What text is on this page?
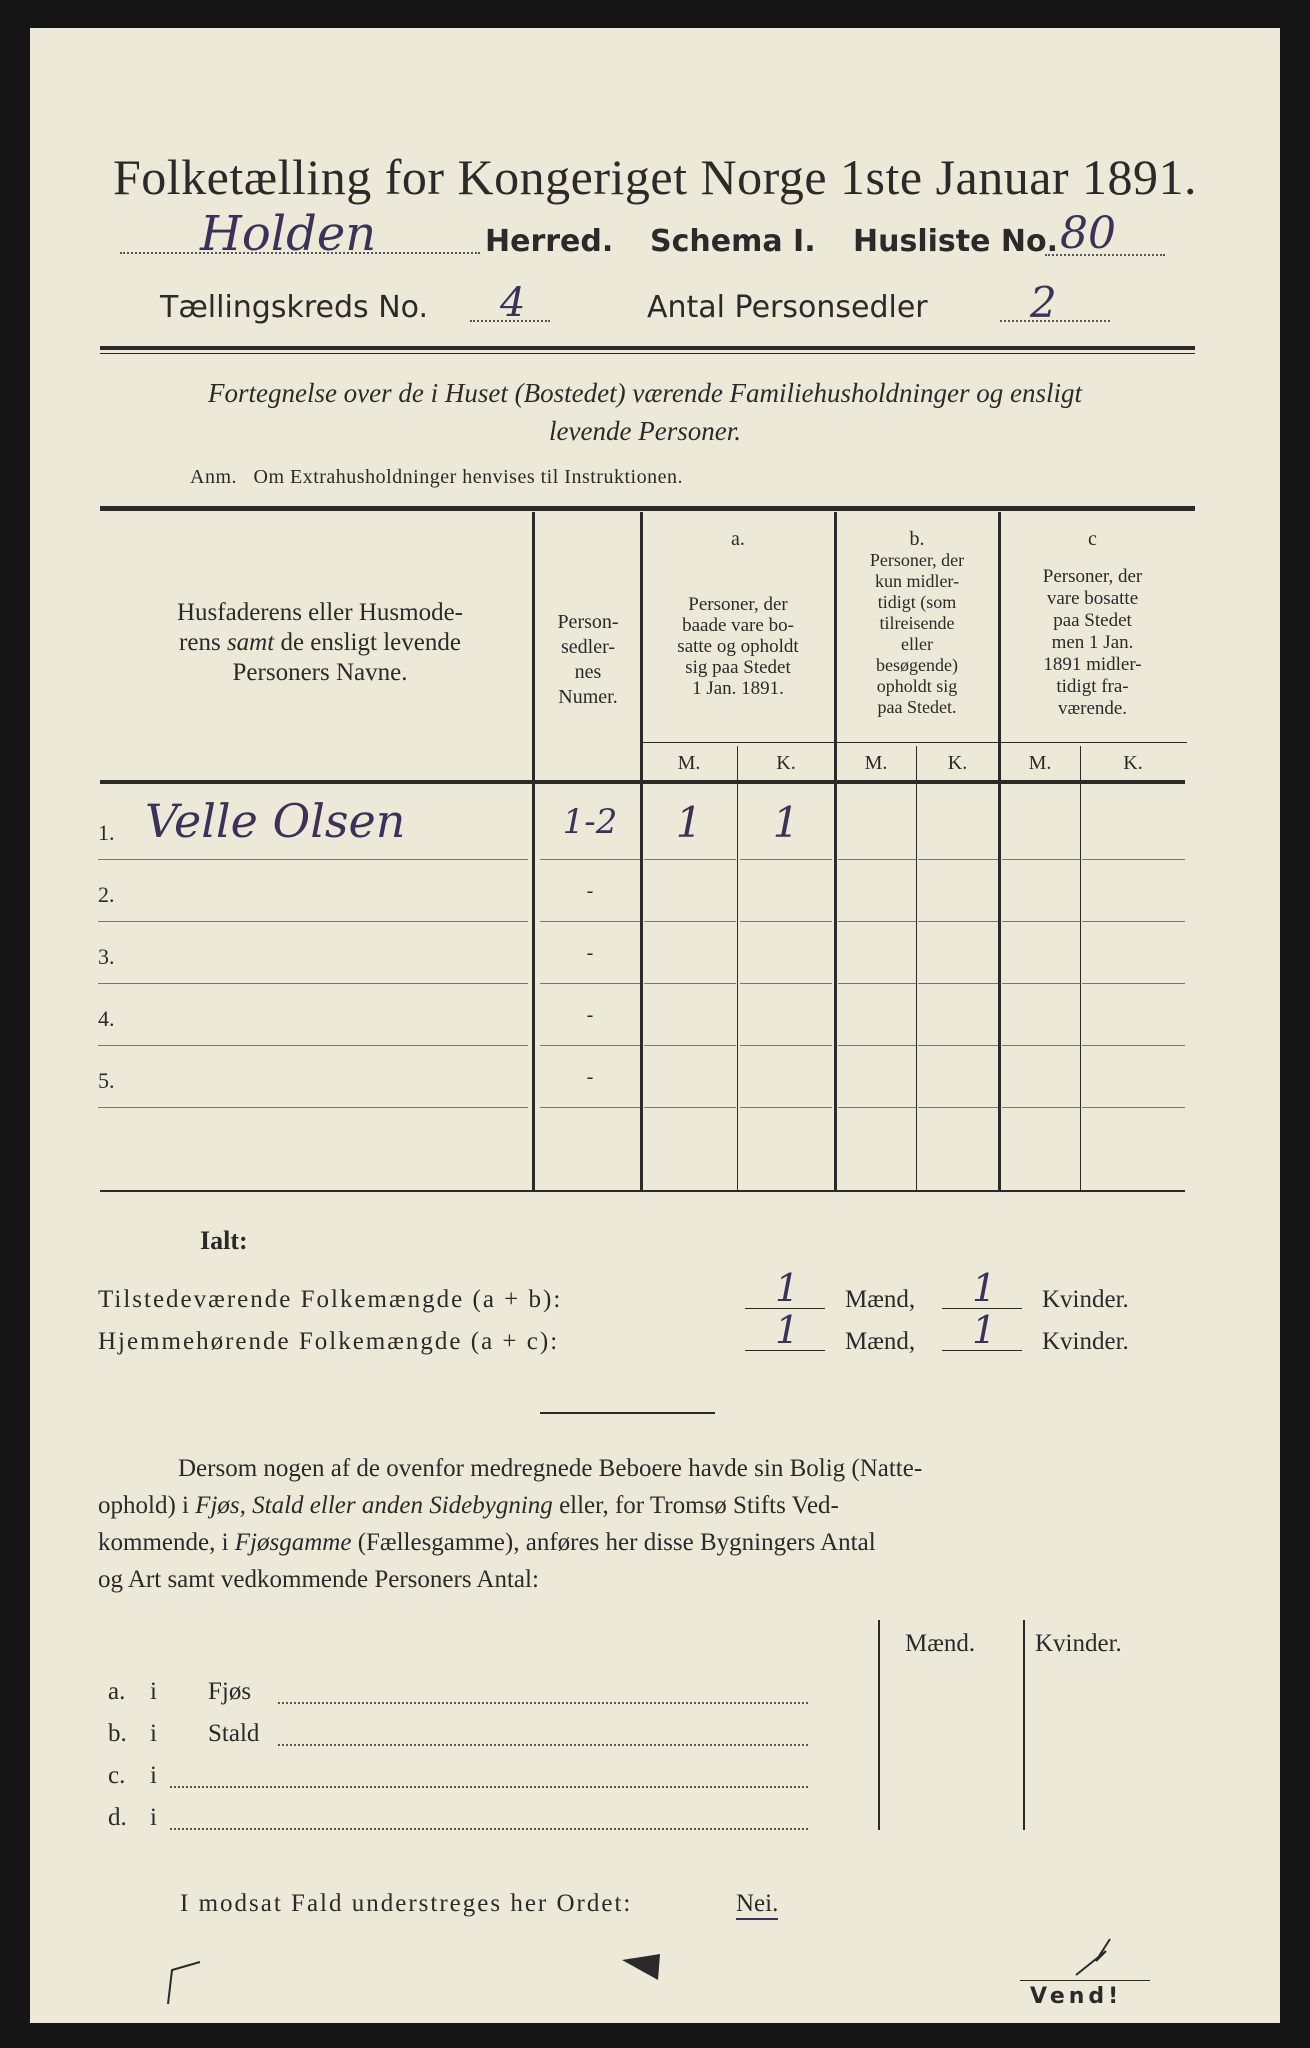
Folketælling for Kongeriget Norge 1ste Januar 1891.
Holden	Herred. Schema I. Husliste No. 80
Tællingskreds No. 4	Antal Personsedler 2
Fortegnelse over de i Huset (Bostedet) værende Familiehusholdninger og ensligt
levende Personer.
Anm.   Om Extrahusholdninger henvises til Instruktionen.
Husfaderens eller Husmode-
rens samt de ensligt levende
Personers Navne.
Person-
sedler-
nes
Numer.
a.
Personer, der
baade vare bo-
satte og opholdt
sig paa Stedet
1 Jan. 1891.
b.
Personer, der
kun midler-
tidigt (som
tilreisende
eller
besøgende)
opholdt sig
paa Stedet.
c
Personer, der
vare bosatte
paa Stedet
men 1 Jan.
1891 midler-
tidigt fra-
værende.
M.	K.	M.	K.	M.	K.
1. Velle Olsen	1-2	1	1
2.	-
3.	-
4.	-
5.	-
Ialt:
Tilstedeværende Folkemængde (a + b):	1 Mænd, 1 Kvinder.
Hjemmehørende Folkemængde (a + c):	1 Mænd, 1 Kvinder.
Dersom nogen af de ovenfor medregnede Beboere havde sin Bolig (Natte-
ophold) i Fjøs, Stald eller anden Sidebygning eller, for Tromsø Stifts Ved-
kommende, i Fjøsgamme (Fællesgamme), anføres her disse Bygningers Antal
og Art samt vedkommende Personers Antal:
Mænd. Kvinder.
a. i Fjøs
b. i Stald
c. i
d. i
I modsat Fald understreges her Ordet:	Nei.
Vend!
